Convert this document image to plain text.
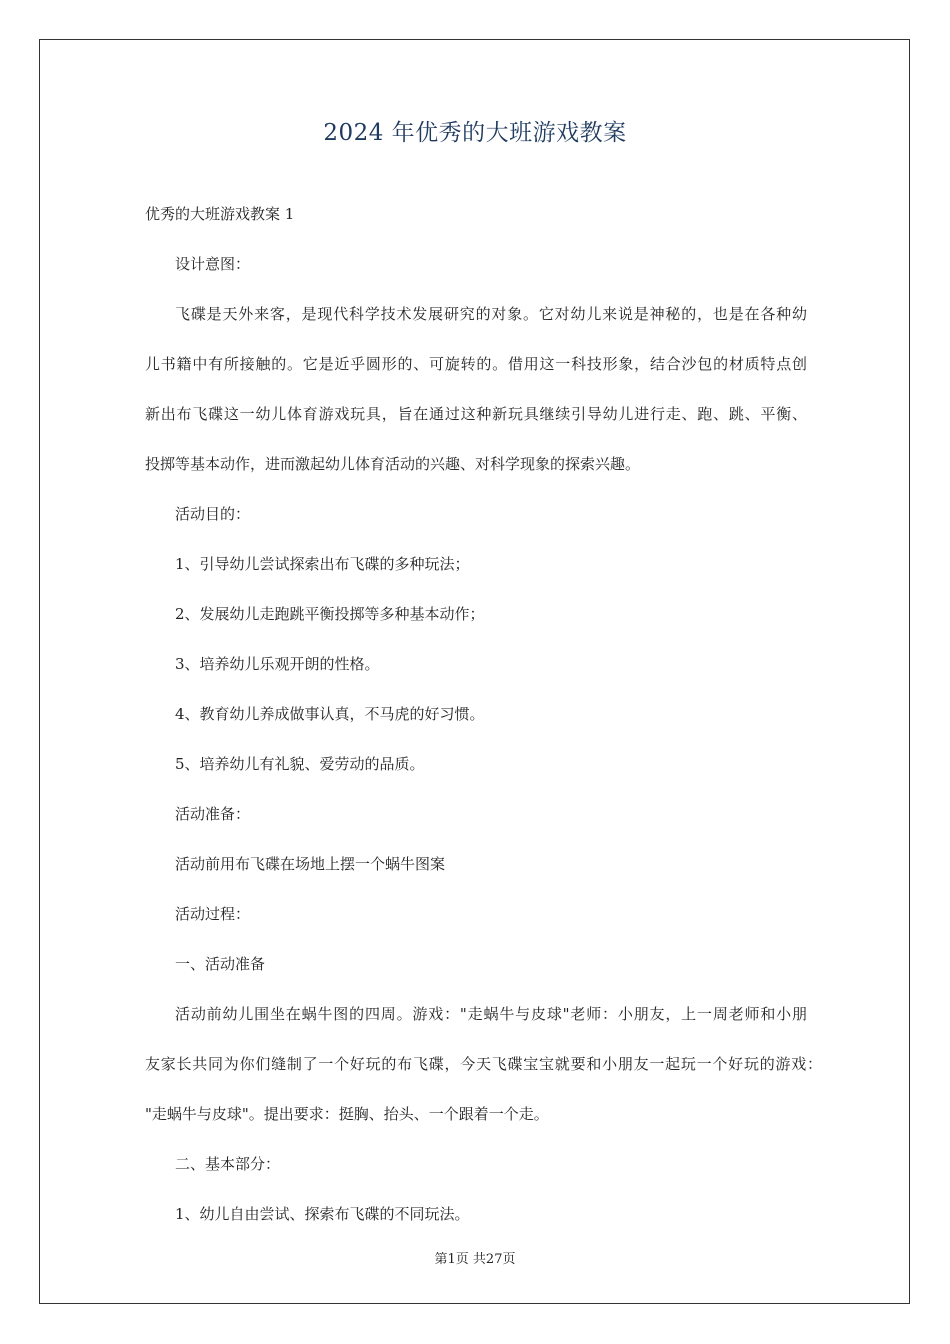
2024 年优秀的大班游戏教案
优秀的大班游戏教案 1
设计意图：
飞碟是天外来客，是现代科学技术发展研究的对象。它对幼儿来说是神秘的，也是在各种幼
儿书籍中有所接触的。它是近乎圆形的、可旋转的。借用这一科技形象，结合沙包的材质特点创
新出布飞碟这一幼儿体育游戏玩具，旨在通过这种新玩具继续引导幼儿进行走、跑、跳、平衡、
投掷等基本动作，进而激起幼儿体育活动的兴趣、对科学现象的探索兴趣。
活动目的：
1、引导幼儿尝试探索出布飞碟的多种玩法；
2、发展幼儿走跑跳平衡投掷等多种基本动作；
3、培养幼儿乐观开朗的性格。
4、教育幼儿养成做事认真，不马虎的好习惯。
5、培养幼儿有礼貌、爱劳动的品质。
活动准备：
活动前用布飞碟在场地上摆一个蜗牛图案
活动过程：
一、活动准备
活动前幼儿围坐在蜗牛图的四周。游戏："走蜗牛与皮球"老师：小朋友，上一周老师和小朋
友家长共同为你们缝制了一个好玩的布飞碟，今天飞碟宝宝就要和小朋友一起玩一个好玩的游戏：
"走蜗牛与皮球"。提出要求：挺胸、抬头、一个跟着一个走。
二、基本部分：
1、幼儿自由尝试、探索布飞碟的不同玩法。
第1页 共27页
